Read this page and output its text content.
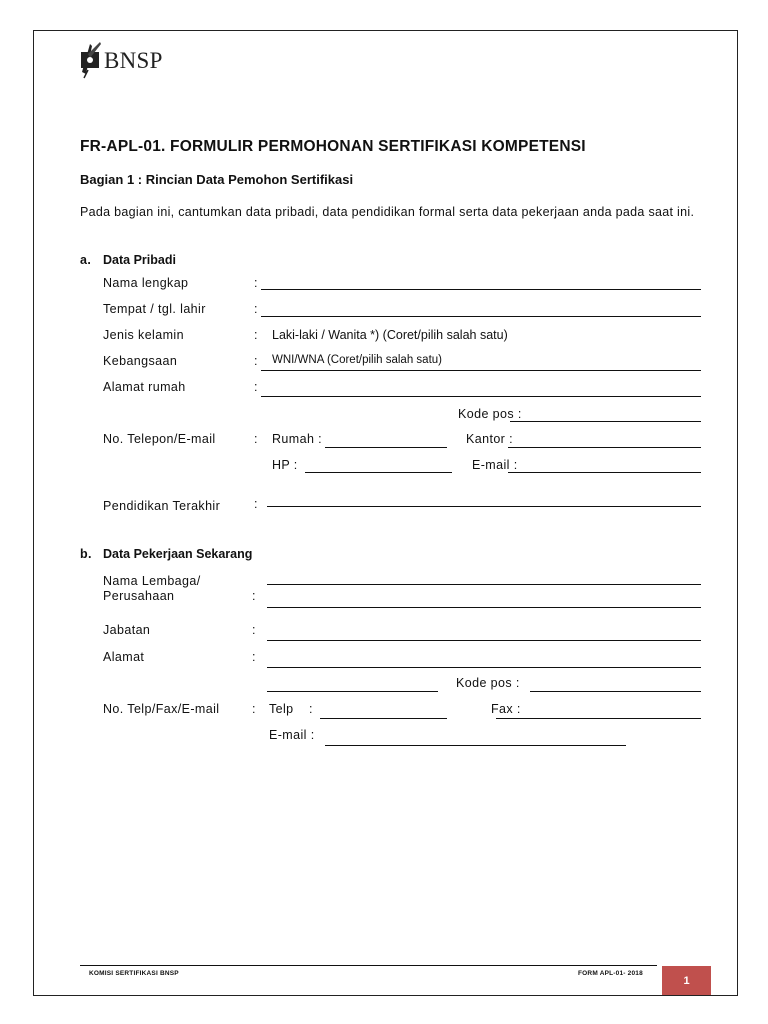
BNSP
FR-APL-01. FORMULIR PERMOHONAN SERTIFIKASI KOMPETENSI
Bagian 1 : Rincian Data Pemohon Sertifikasi
Pada bagian ini, cantumkan data pribadi, data pendidikan formal serta data pekerjaan anda pada saat ini.
a. Data Pribadi
Nama lengkap	:
Tempat / tgl. lahir	:
Jenis kelamin	: Laki-laki / Wanita *) (Coret/pilih salah satu)
Kebangsaan	: WNI/WNA (Coret/pilih salah satu)
Alamat rumah	:
Kode pos :
No. Telepon/E-mail	: Rumah :	Kantor :
HP :	E-mail :
Pendidikan Terakhir	:
b. Data Pekerjaan Sekarang
Nama Lembaga/
Perusahaan	:
Jabatan	:
Alamat	:
Kode pos :
No. Telp/Fax/E-mail	: Telp :	Fax :
E-mail :
KOMISI SERTIFIKASI BNSP	FORM APL-01- 2018
1
